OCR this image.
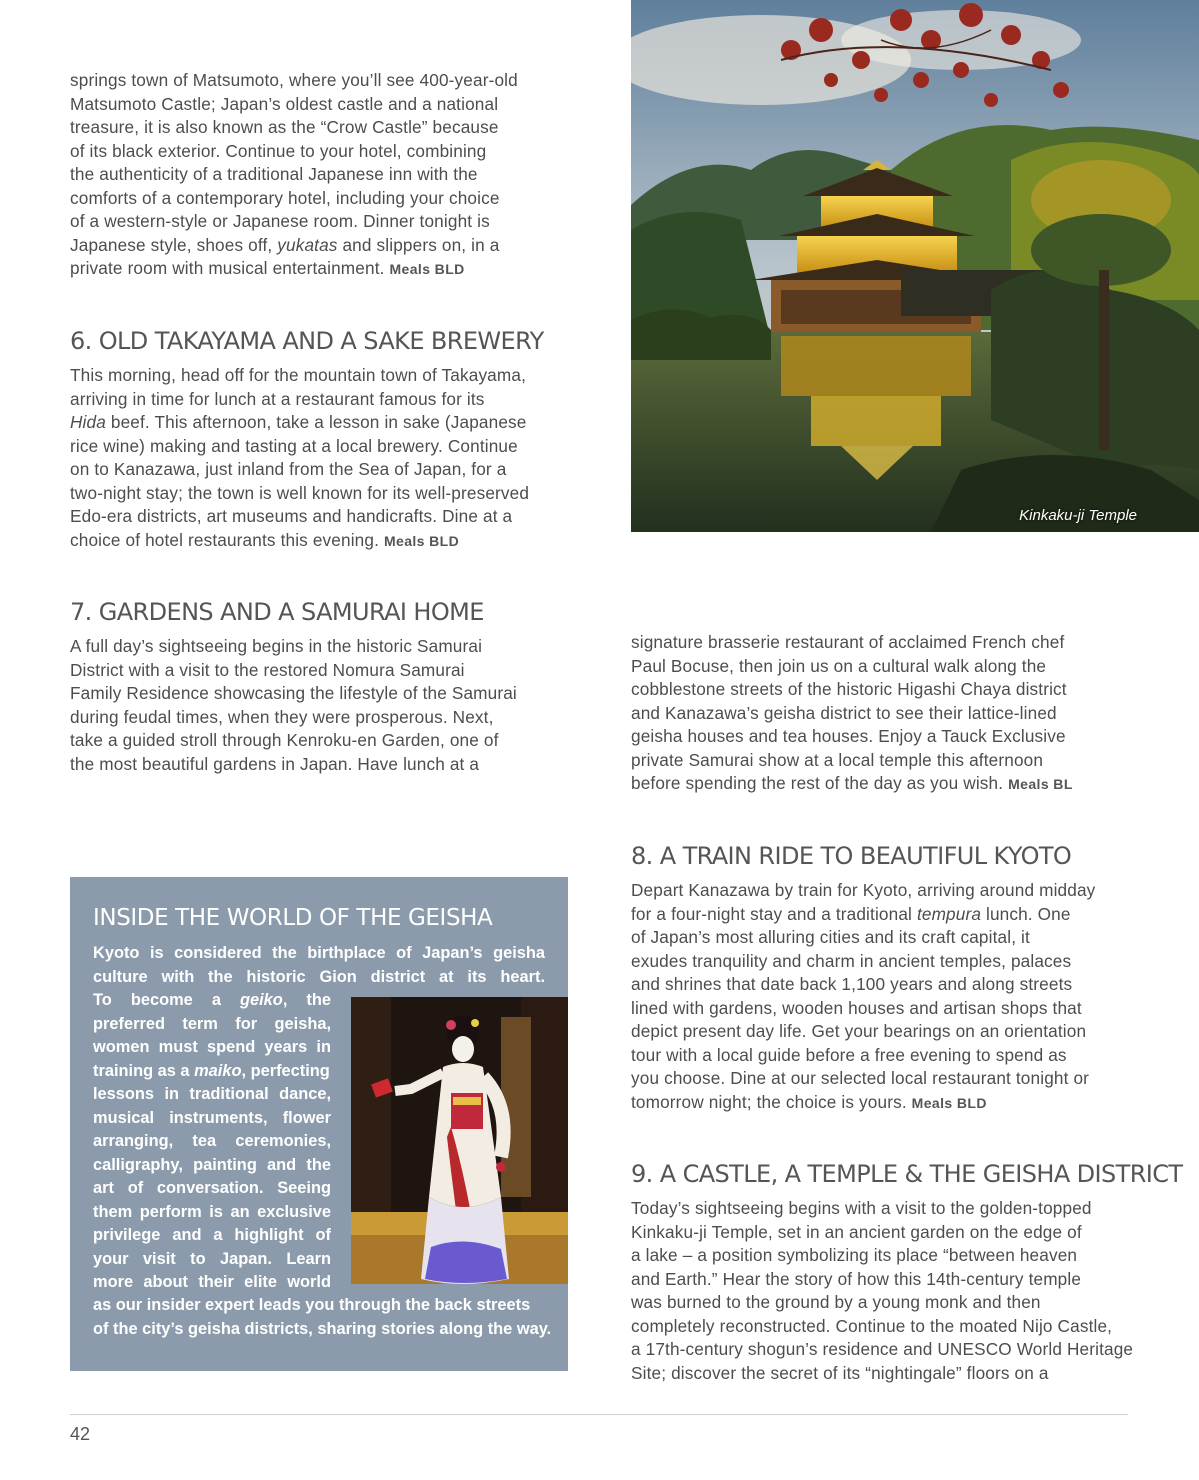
springs town of Matsumoto, where you’ll see 400-year-old
Matsumoto Castle; Japan’s oldest castle and a national
treasure, it is also known as the “Crow Castle” because
of its black exterior. Continue to your hotel, combining
the authenticity of a traditional Japanese inn with the
comforts of a contemporary hotel, including your choice
of a western-style or Japanese room. Dinner tonight is
Japanese style, shoes off, yukatas and slippers on, in a
private room with musical entertainment. Meals BLD
6. OLD TAKAYAMA AND A SAKE BREWERY
This morning, head off for the mountain town of Takayama,
arriving in time for lunch at a restaurant famous for its
Hida beef. This afternoon, take a lesson in sake (Japanese
rice wine) making and tasting at a local brewery. Continue
on to Kanazawa, just inland from the Sea of Japan, for a
two-night stay; the town is well known for its well-preserved
Edo-era districts, art museums and handicrafts. Dine at a
choice of hotel restaurants this evening. Meals BLD
7. GARDENS AND A SAMURAI HOME
A full day’s sightseeing begins in the historic Samurai
District with a visit to the restored Nomura Samurai
Family Residence showcasing the lifestyle of the Samurai
during feudal times, when they were prosperous. Next,
take a guided stroll through Kenroku-en Garden, one of
the most beautiful gardens in Japan. Have lunch at a
Kinkaku-ji Temple
signature brasserie restaurant of acclaimed French chef
Paul Bocuse, then join us on a cultural walk along the
cobblestone streets of the historic Higashi Chaya district
and Kanazawa’s geisha district to see their lattice-lined
geisha houses and tea houses. Enjoy a Tauck Exclusive
private Samurai show at a local temple this afternoon
before spending the rest of the day as you wish. Meals BL
8. A TRAIN RIDE TO BEAUTIFUL KYOTO
Depart Kanazawa by train for Kyoto, arriving around midday
for a four-night stay and a traditional tempura lunch. One
of Japan’s most alluring cities and its craft capital, it
exudes tranquility and charm in ancient temples, palaces
and shrines that date back 1,100 years and along streets
lined with gardens, wooden houses and artisan shops that
depict present day life. Get your bearings on an orientation
tour with a local guide before a free evening to spend as
you choose. Dine at our selected local restaurant tonight or
tomorrow night; the choice is yours. Meals BLD
9. A CASTLE, A TEMPLE & THE GEISHA DISTRICT
Today’s sightseeing begins with a visit to the golden-topped
Kinkaku-ji Temple, set in an ancient garden on the edge of
a lake – a position symbolizing its place “between heaven
and Earth.” Hear the story of how this 14th-century temple
was burned to the ground by a young monk and then
completely reconstructed. Continue to the moated Nijo Castle,
a 17th-century shogun’s residence and UNESCO World Heritage
Site; discover the secret of its “nightingale” floors on a
INSIDE THE WORLD OF THE GEISHA
Kyoto is considered the birthplace of Japan’s geisha
culture with the historic Gion district at its heart.
To become a geiko, the
preferred term for geisha,
women must spend years in
training as a maiko, perfecting
lessons in traditional dance,
musical instruments, flower
arranging, tea ceremonies,
calligraphy, painting and the
art of conversation. Seeing
them perform is an exclusive
privilege and a highlight of
your visit to Japan. Learn
more about their elite world
as our insider expert leads you through the back streets
of the city’s geisha districts, sharing stories along the way.
42
